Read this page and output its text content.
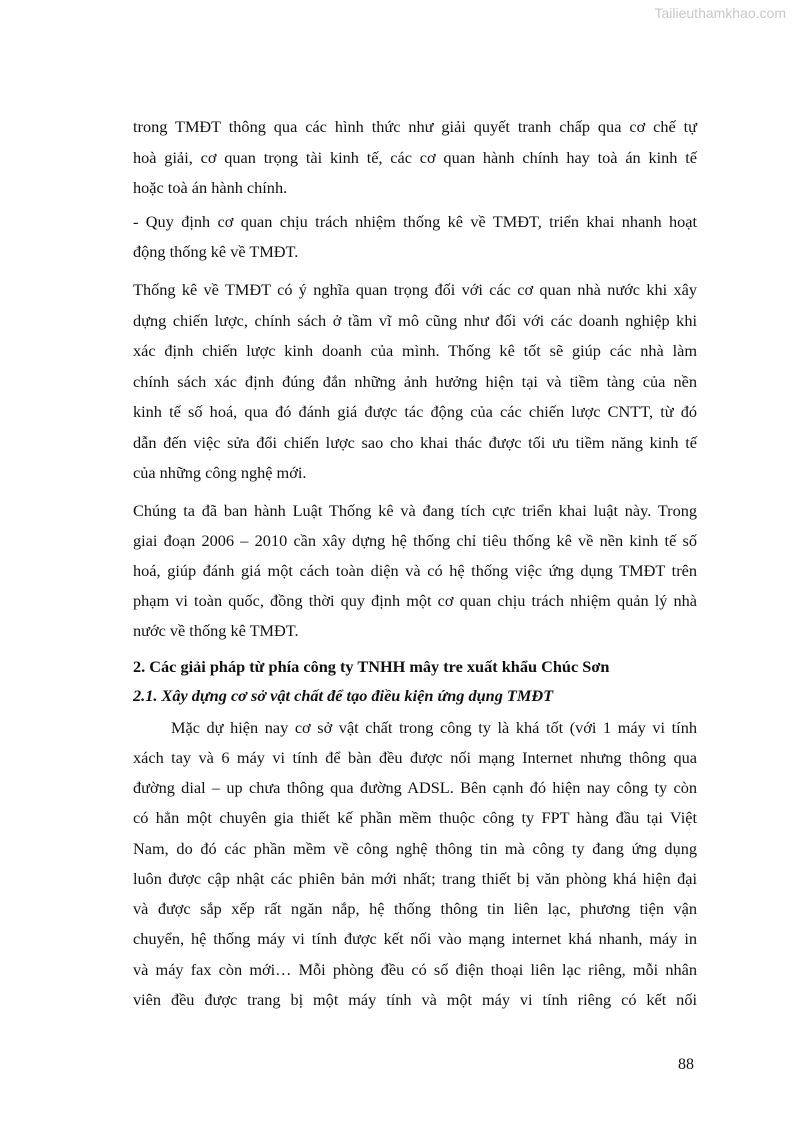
Tailieuthamkhao.com
trong TMĐT thông qua các hình thức như giải quyết tranh chấp qua cơ chế tự
hoà giải, cơ quan trọng tài kinh tế, các cơ quan hành chính hay toà án kinh tế
hoặc toà án hành chính.
- Quy định cơ quan chịu trách nhiệm thống kê về TMĐT, triển khai nhanh hoạt
động thống kê về TMĐT.
Thống kê về TMĐT có ý nghĩa quan trọng đối với các cơ quan nhà nước khi xây
dựng chiến lược, chính sách ở tầm vĩ mô cũng như đối với các doanh nghiệp khi
xác định chiến lược kinh doanh của mình. Thống kê tốt sẽ giúp các nhà làm
chính sách xác định đúng đắn những ảnh hưởng hiện tại và tiềm tàng của nền
kinh tế số hoá, qua đó đánh giá được tác động của các chiến lược CNTT, từ đó
dẫn đến việc sửa đổi chiến lược sao cho khai thác được tối ưu tiềm năng kinh tế
của những công nghệ mới.
Chúng ta đã ban hành Luật Thống kê và đang tích cực triển khai luật này. Trong
giai đoạn 2006 – 2010 cần xây dựng hệ thống chỉ tiêu thống kê về nền kinh tế số
hoá, giúp đánh giá một cách toàn diện và có hệ thống việc ứng dụng TMĐT trên
phạm vi toàn quốc, đồng thời quy định một cơ quan chịu trách nhiệm quản lý nhà
nước về thống kê TMĐT.
2. Các giải pháp từ phía công ty TNHH mây tre xuất khẩu Chúc Sơn
2.1. Xây dựng cơ sở vật chất để tạo điều kiện ứng dụng TMĐT
Mặc dự hiện nay cơ sở vật chất trong công ty là khá tốt (với 1 máy vi tính
xách tay và 6 máy vi tính để bàn đều được nối mạng Internet nhưng thông qua
đường dial – up chưa thông qua đường ADSL. Bên cạnh đó hiện nay công ty còn
có hẳn một chuyên gia thiết kế phần mềm thuộc công ty FPT hàng đầu tại Việt
Nam, do đó các phần mềm về công nghệ thông tin mà công ty đang ứng dụng
luôn được cập nhật các phiên bản mới nhất; trang thiết bị văn phòng khá hiện đại
và được sắp xếp rất ngăn nắp, hệ thống thông tin liên lạc, phương tiện vận
chuyển, hệ thống máy vi tính được kết nối vào mạng internet khá nhanh, máy in
và máy fax còn mới… Mỗi phòng đều có số điện thoại liên lạc riêng, mỗi nhân
viên đều được trang bị một máy tính và một máy vi tính riêng có kết nối
88
